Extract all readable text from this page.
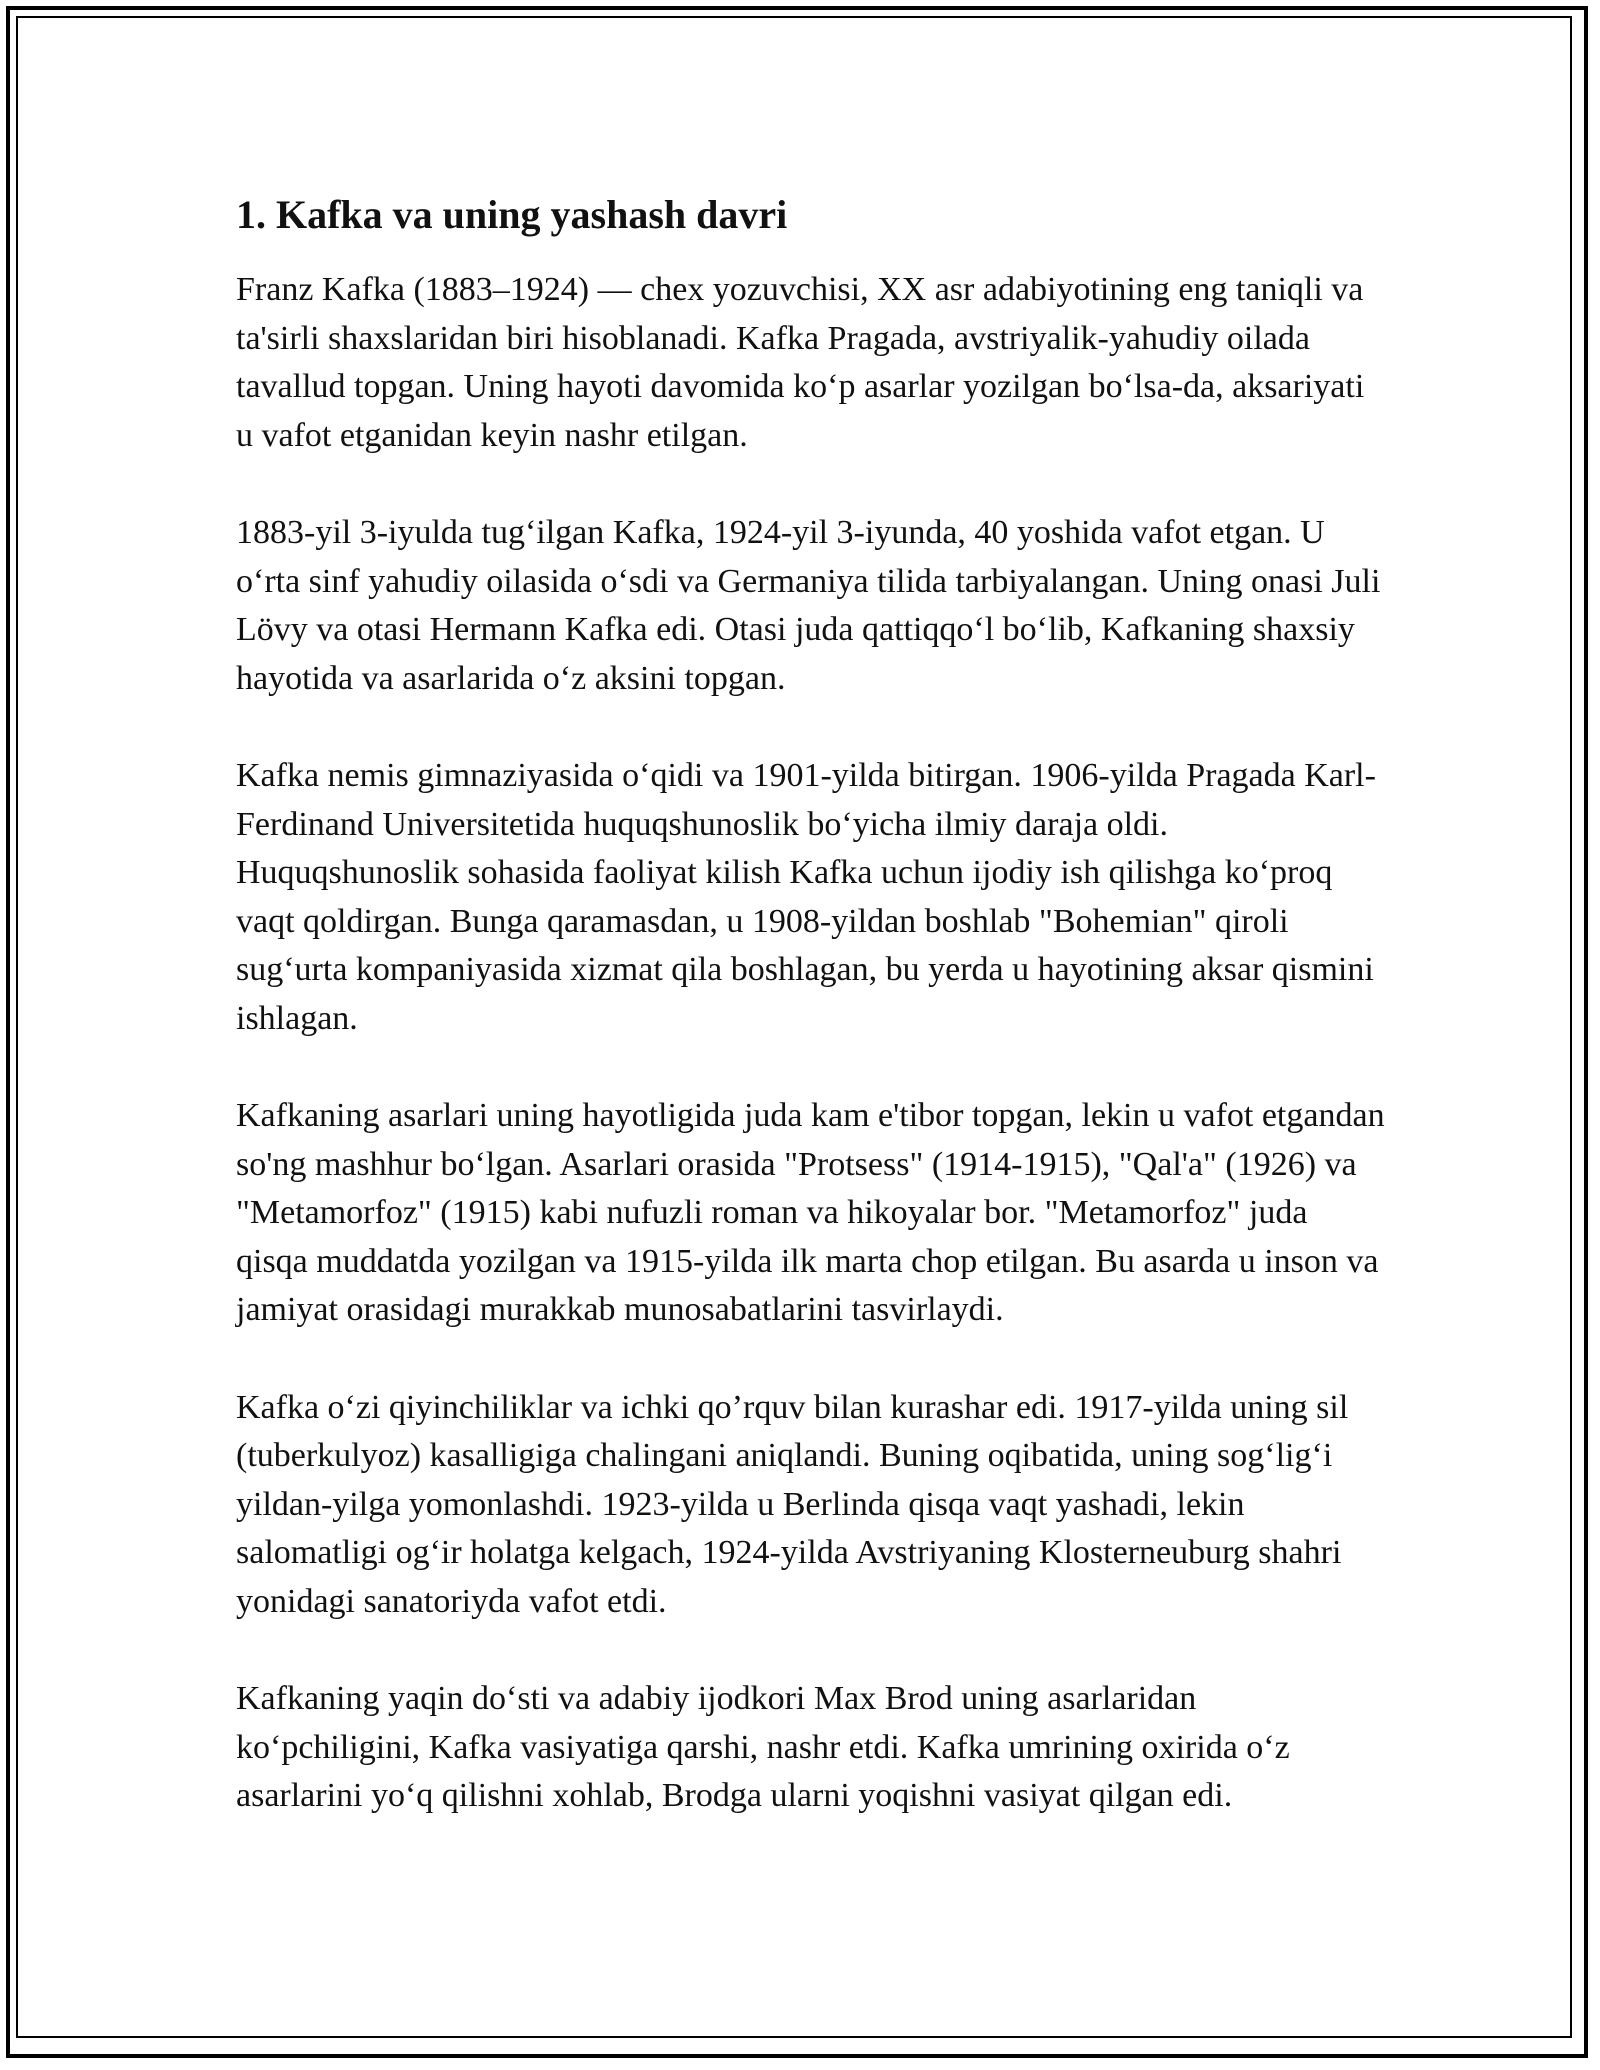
1. Kafka va uning yashash davri

Franz Kafka (1883–1924) — chex yozuvchisi, XX asr adabiyotining eng taniqli va ta'sirli shaxslaridan biri hisoblanadi. Kafka Pragada, avstriyalik-yahudiy oilada tavallud topgan. Uning hayoti davomida koʻp asarlar yozilgan boʻlsa-da, aksariyati u vafot etganidan keyin nashr etilgan.

1883-yil 3-iyulda tugʻilgan Kafka, 1924-yil 3-iyunda, 40 yoshida vafot etgan. U oʻrta sinf yahudiy oilasida oʻsdi va Germaniya tilida tarbiyalangan. Uning onasi Juli Lövy va otasi Hermann Kafka edi. Otasi juda qattiqqoʻl boʻlib, Kafkaning shaxsiy hayotida va asarlarida oʻz aksini topgan.

Kafka nemis gimnaziyasida oʻqidi va 1901-yilda bitirgan. 1906-yilda Pragada Karl-Ferdinand Universitetida huquqshunoslik boʻyicha ilmiy daraja oldi. Huquqshunoslik sohasida faoliyat kilish Kafka uchun ijodiy ish qilishga koʻproq vaqt qoldirgan. Bunga qaramasdan, u 1908-yildan boshlab "Bohemian" qiroli sugʻurta kompaniyasida xizmat qila boshlagan, bu yerda u hayotining aksar qismini ishlagan.

Kafkaning asarlari uning hayotligida juda kam e'tibor topgan, lekin u vafot etgandan so'ng mashhur boʻlgan. Asarlari orasida "Protsess" (1914-1915), "Qal'a" (1926) va "Metamorfoz" (1915) kabi nufuzli roman va hikoyalar bor. "Metamorfoz" juda qisqa muddatda yozilgan va 1915-yilda ilk marta chop etilgan. Bu asarda u inson va jamiyat orasidagi murakkab munosabatlarini tasvirlaydi.

Kafka oʻzi qiyinchiliklar va ichki qo’rquv bilan kurashar edi. 1917-yilda uning sil (tuberkulyoz) kasalligiga chalingani aniqlandi. Buning oqibatida, uning sogʻligʻi yildan-yilga yomonlashdi. 1923-yilda u Berlinda qisqa vaqt yashadi, lekin salomatligi ogʻir holatga kelgach, 1924-yilda Avstriyaning Klosterneuburg shahri yonidagi sanatoriyda vafot etdi.

Kafkaning yaqin doʻsti va adabiy ijodkori Max Brod uning asarlaridan koʻpchiligini, Kafka vasiyatiga qarshi, nashr etdi. Kafka umrining oxirida oʻz asarlarini yoʻq qilishni xohlab, Brodga ularni yoqishni vasiyat qilgan edi.
